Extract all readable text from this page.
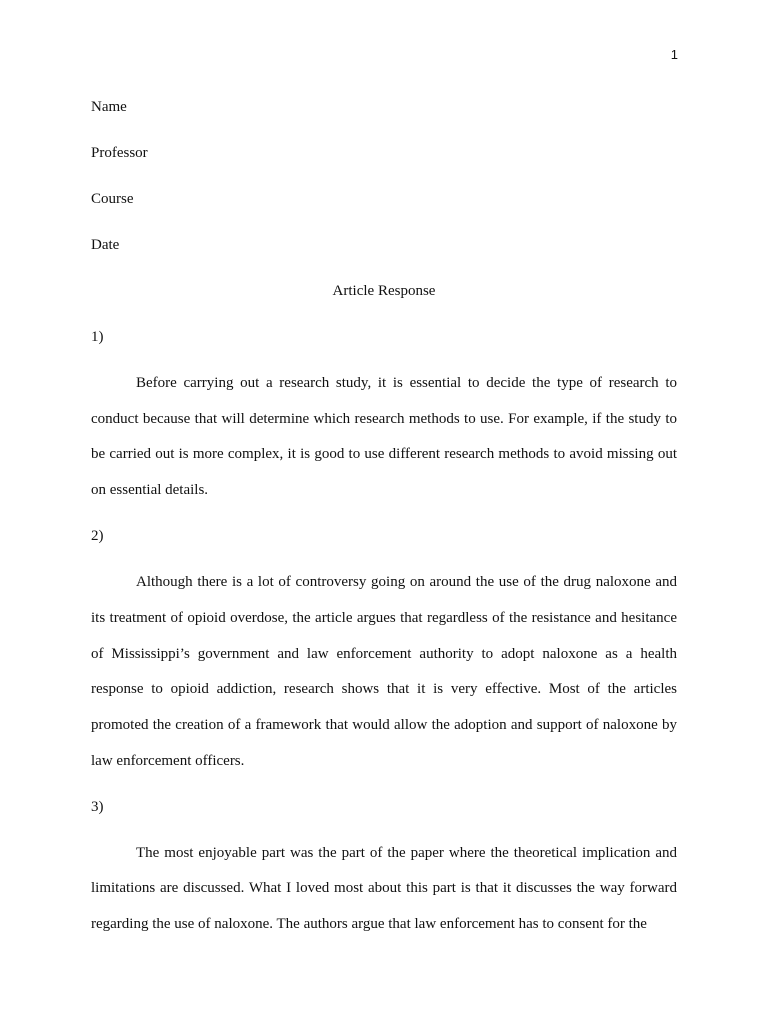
1

Name

Professor

Course

Date

Article Response

1)

Before carrying out a research study, it is essential to decide the type of research to conduct because that will determine which research methods to use. For example, if the study to be carried out is more complex, it is good to use different research methods to avoid missing out on essential details.

2)

Although there is a lot of controversy going on around the use of the drug naloxone and its treatment of opioid overdose, the article argues that regardless of the resistance and hesitance of Mississippi’s government and law enforcement authority to adopt naloxone as a health response to opioid addiction, research shows that it is very effective. Most of the articles promoted the creation of a framework that would allow the adoption and support of naloxone by law enforcement officers.

3)

The most enjoyable part was the part of the paper where the theoretical implication and limitations are discussed. What I loved most about this part is that it discusses the way forward regarding the use of naloxone. The authors argue that law enforcement has to consent for the
